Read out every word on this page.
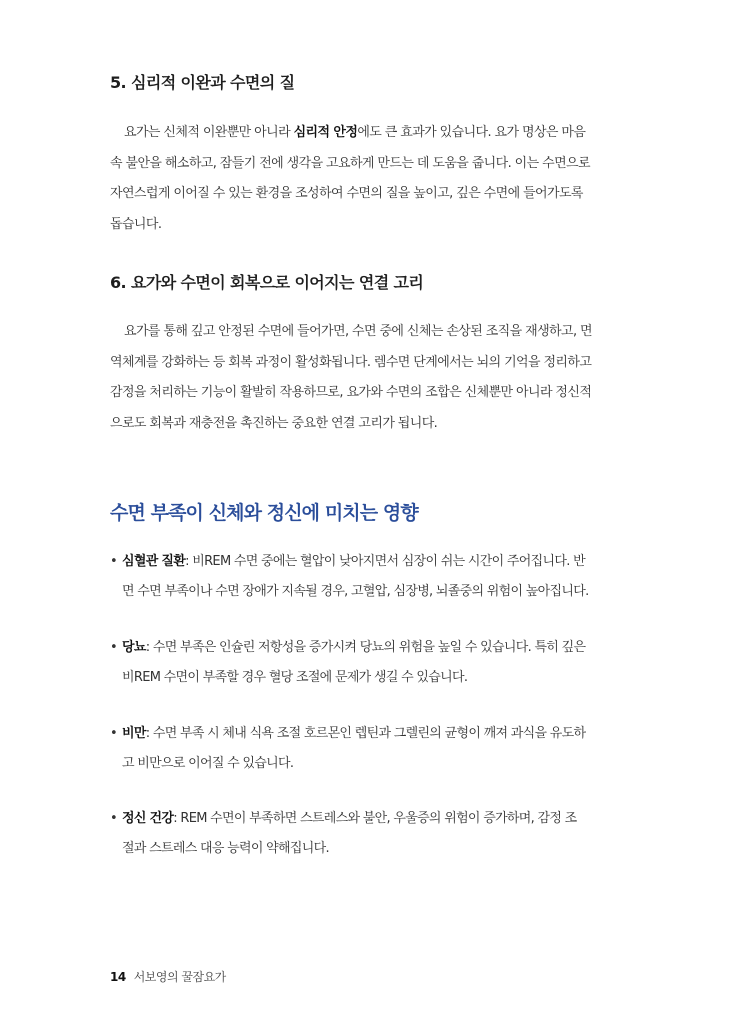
5. 심리적 이완과 수면의 질

요가는 신체적 이완뿐만 아니라 심리적 안정에도 큰 효과가 있습니다. 요가 명상은 마음
속 불안을 해소하고, 잠들기 전에 생각을 고요하게 만드는 데 도움을 줍니다. 이는 수면으로
자연스럽게 이어질 수 있는 환경을 조성하여 수면의 질을 높이고, 깊은 수면에 들어가도록
돕습니다.

6. 요가와 수면이 회복으로 이어지는 연결 고리

요가를 통해 깊고 안정된 수면에 들어가면, 수면 중에 신체는 손상된 조직을 재생하고, 면
역체계를 강화하는 등 회복 과정이 활성화됩니다. 렘수면 단계에서는 뇌의 기억을 정리하고
감정을 처리하는 기능이 활발히 작용하므로, 요가와 수면의 조합은 신체뿐만 아니라 정신적
으로도 회복과 재충전을 촉진하는 중요한 연결 고리가 됩니다.

수면 부족이 신체와 정신에 미치는 영향
• 심혈관 질환: 비REM 수면 중에는 혈압이 낮아지면서 심장이 쉬는 시간이 주어집니다. 반
면 수면 부족이나 수면 장애가 지속될 경우, 고혈압, 심장병, 뇌졸중의 위험이 높아집니다.
• 당뇨: 수면 부족은 인슐린 저항성을 증가시켜 당뇨의 위험을 높일 수 있습니다. 특히 깊은
비REM 수면이 부족할 경우 혈당 조절에 문제가 생길 수 있습니다.
• 비만: 수면 부족 시 체내 식욕 조절 호르몬인 렙틴과 그렐린의 균형이 깨져 과식을 유도하
고 비만으로 이어질 수 있습니다.
• 정신 건강: REM 수면이 부족하면 스트레스와 불안, 우울증의 위험이 증가하며, 감정 조
절과 스트레스 대응 능력이 약해집니다.
14 서보영의 꿀잠요가
